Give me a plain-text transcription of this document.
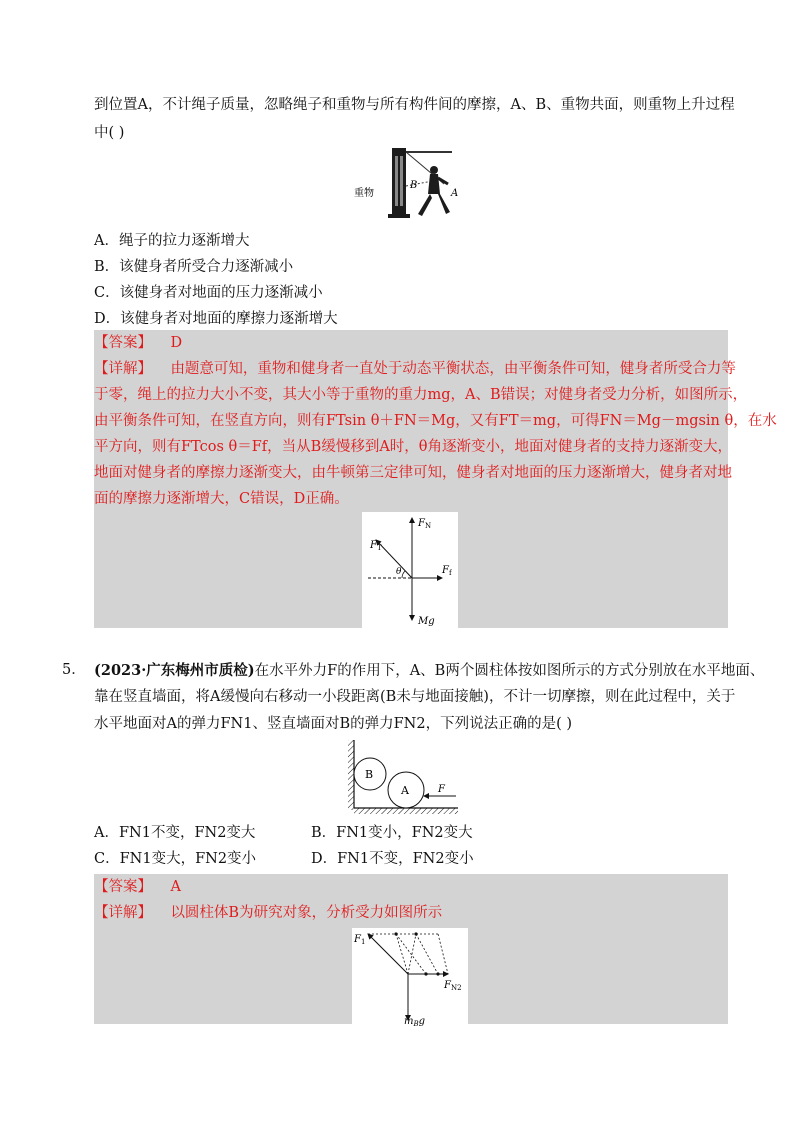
到位置A，不计绳子质量，忽略绳子和重物与所有构件间的摩擦，A、B、重物共面，则重物上升过程
中( )
重物
B
A
A．绳子的拉力逐渐增大
B．该健身者所受合力逐渐减小
C．该健身者对地面的压力逐渐减小
D．该健身者对地面的摩擦力逐渐增大
【答案】 D
【详解】 由题意可知，重物和健身者一直处于动态平衡状态，由平衡条件可知，健身者所受合力等
于零，绳上的拉力大小不变，其大小等于重物的重力mg，A、B错误；对健身者受力分析，如图所示，
由平衡条件可知，在竖直方向，则有FTsin θ＋FN＝Mg，又有FT＝mg，可得FN＝Mg－mgsin θ，在水
平方向，则有FTcos θ＝Ff，当从B缓慢移到A时，θ角逐渐变小，地面对健身者的支持力逐渐变大，
地面对健身者的摩擦力逐渐变大，由牛顿第三定律可知，健身者对地面的压力逐渐增大，健身者对地
面的摩擦力逐渐增大，C错误，D正确。
$F_N$
$F_T$
$F_f$
θ
Mg
5． (2023·广东梅州市质检)在水平外力F的作用下，A、B两个圆柱体按如图所示的方式分别放在水平地面、
靠在竖直墙面，将A缓慢向右移动一小段距离(B未与地面接触)，不计一切摩擦，则在此过程中，关于
水平地面对A的弹力FN1、竖直墙面对B的弹力FN2，下列说法正确的是( )
B
A	F
A．FN1不变，FN2变大	B．FN1变小，FN2变大
C．FN1变大，FN2变小	D．FN1不变，FN2变小
【答案】 A
【详解】 以圆柱体B为研究对象，分析受力如图所示
$F_1$
$F_{N2}$
$m_Bg$
